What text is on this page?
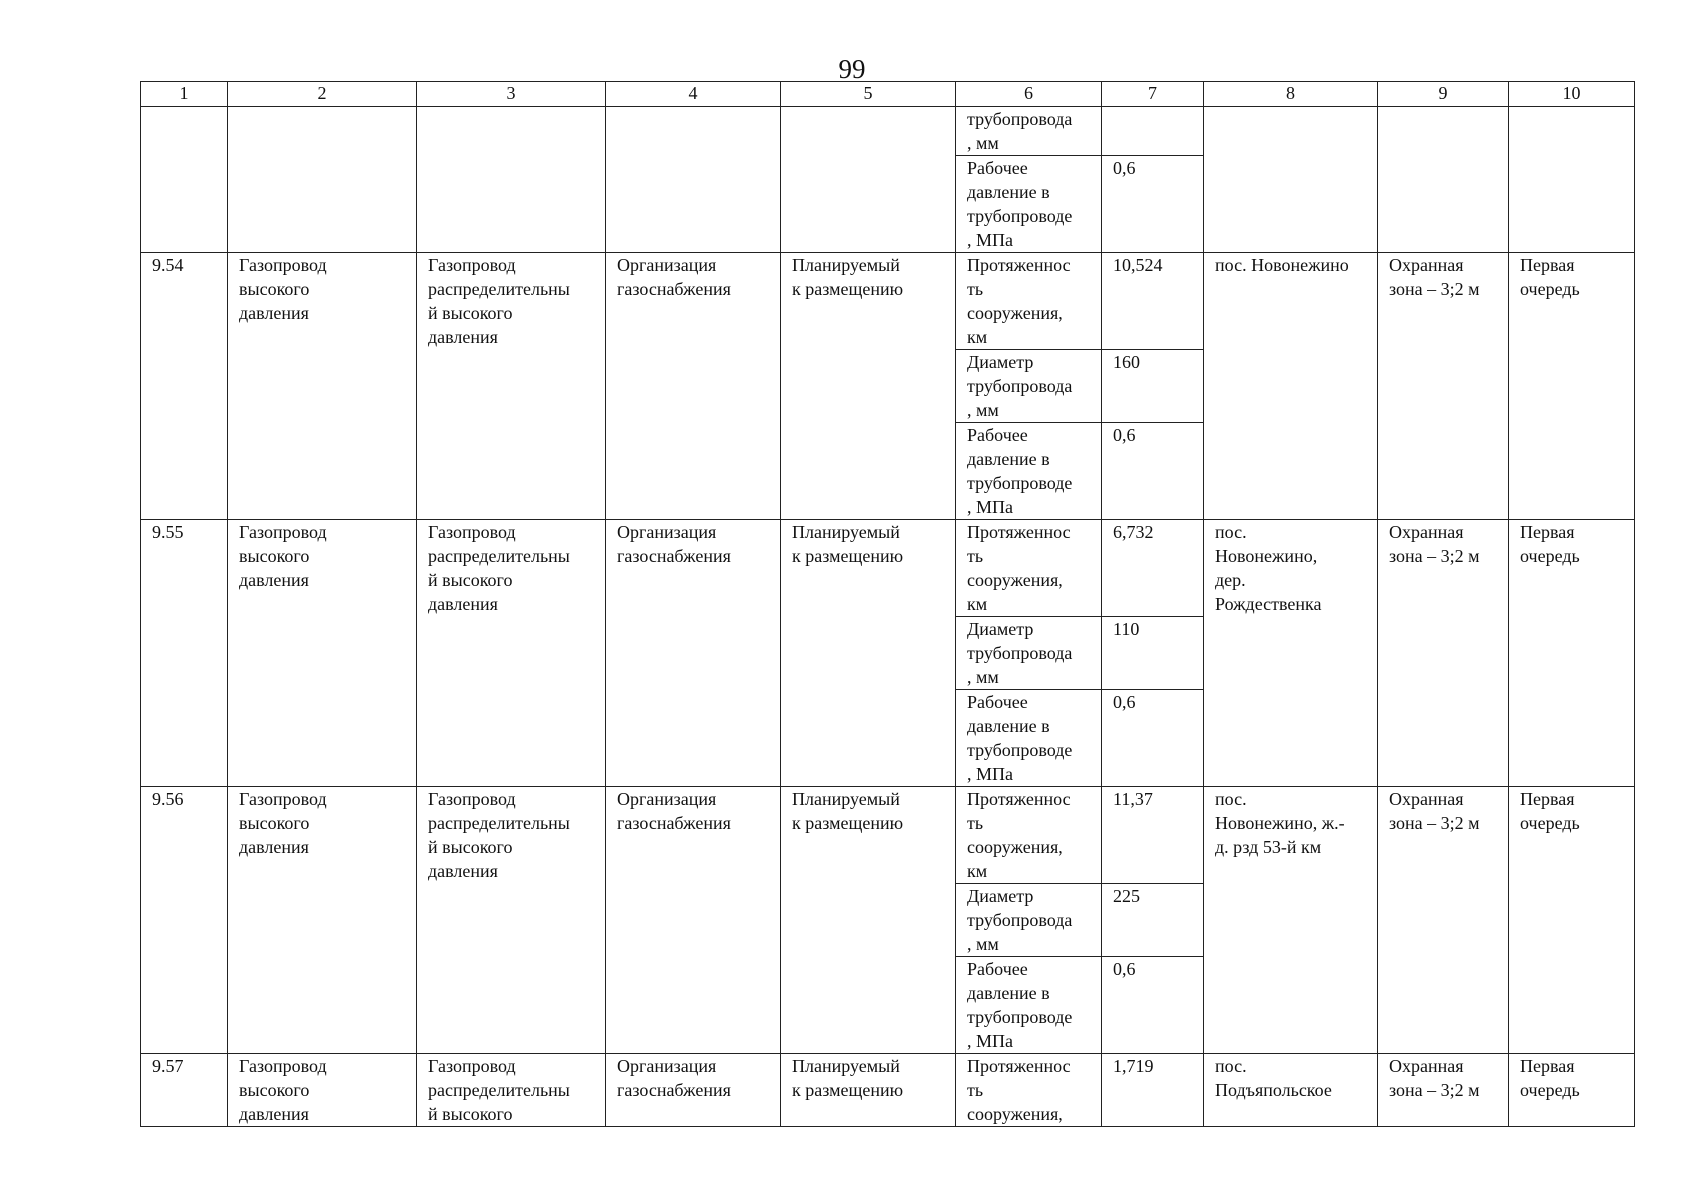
99
1	2	3	4	5	6	7	8	9	10

					трубопровода
, мм				

					Рабочее
давление в
трубопроводе
, МПа	0,6			

9.54	Газопровод
высокого
давления	Газопровод
распределительны
й высокого
давления	Организация
газоснабжения	Планируемый
к размещению	Протяженнос
ть
сооружения,
км	10,524	пос. Новонежино	Охранная
зона – 3;2 м	Первая
очередь

					Диаметр
трубопровода
, мм	160			

					Рабочее
давление в
трубопроводе
, МПа	0,6			

9.55	Газопровод
высокого
давления	Газопровод
распределительны
й высокого
давления	Организация
газоснабжения	Планируемый
к размещению	Протяженнос
ть
сооружения,
км	6,732	пос.
Новонежино,
дер.
Рождественка	Охранная
зона – 3;2 м	Первая
очередь

					Диаметр
трубопровода
, мм	110			

					Рабочее
давление в
трубопроводе
, МПа	0,6			

9.56	Газопровод
высокого
давления	Газопровод
распределительны
й высокого
давления	Организация
газоснабжения	Планируемый
к размещению	Протяженнос
ть
сооружения,
км	11,37	пос.
Новонежино, ж.-
д. рзд 53-й км	Охранная
зона – 3;2 м	Первая
очередь

					Диаметр
трубопровода
, мм	225			

					Рабочее
давление в
трубопроводе
, МПа	0,6			

9.57	Газопровод
высокого
давления	Газопровод
распределительны
й высокого	Организация
газоснабжения	Планируемый
к размещению	Протяженнос
ть
сооружения,	1,719	пос.
Подъяпольское	Охранная
зона – 3;2 м	Первая
очередь
